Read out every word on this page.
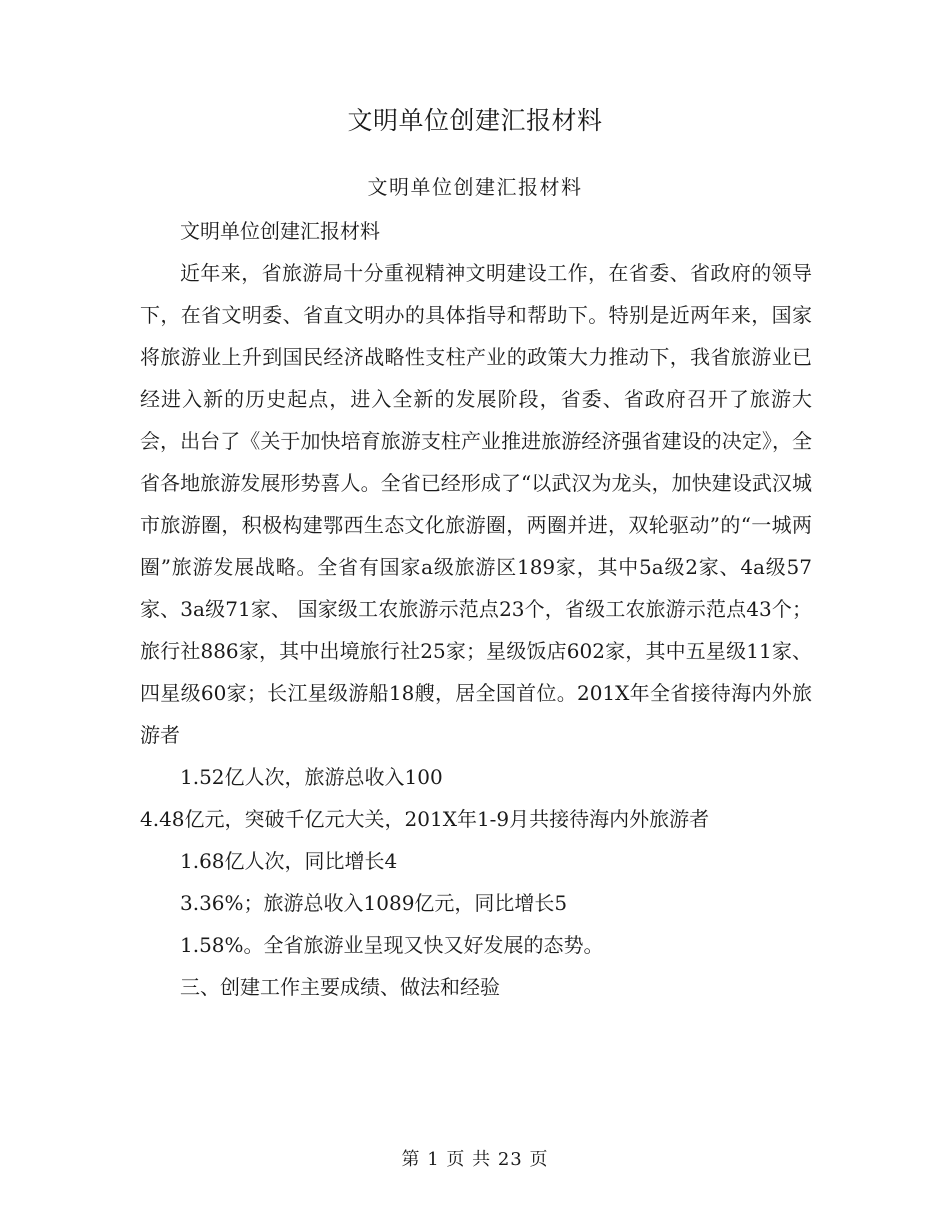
文明单位创建汇报材料
文明单位创建汇报材料

文明单位创建汇报材料

近年来，省旅游局十分重视精神文明建设工作，在省委、省政府的领导下，在省文明委、省直文明办的具体指导和帮助下。特别是近两年来，国家将旅游业上升到国民经济战略性支柱产业的政策大力推动下，我省旅游业已经进入新的历史起点，进入全新的发展阶段，省委、省政府召开了旅游大会，出台了《关于加快培育旅游支柱产业推进旅游经济强省建设的决定》，全省各地旅游发展形势喜人。全省已经形成了“以武汉为龙头，加快建设武汉城市旅游圈，积极构建鄂西生态文化旅游圈，两圈并进，双轮驱动”的“一城两圈”旅游发展战略。全省有国家a级旅游区189家，其中5a级2家、4a级57家、3a级71家、 国家级工农旅游示范点23个，省级工农旅游示范点43个；旅行社886家，其中出境旅行社25家；星级饭店602家，其中五星级11家、四星级60家；长江星级游船18艘，居全国首位。201X年全省接待海内外旅游者

1.52亿人次，旅游总收入100

4.48亿元，突破千亿元大关，201X年1-9月共接待海内外旅游者

1.68亿人次，同比增长4

3.36%；旅游总收入1089亿元，同比增长5

1.58%。全省旅游业呈现又快又好发展的态势。

三、创建工作主要成绩、做法和经验

第 1 页 共 23 页
